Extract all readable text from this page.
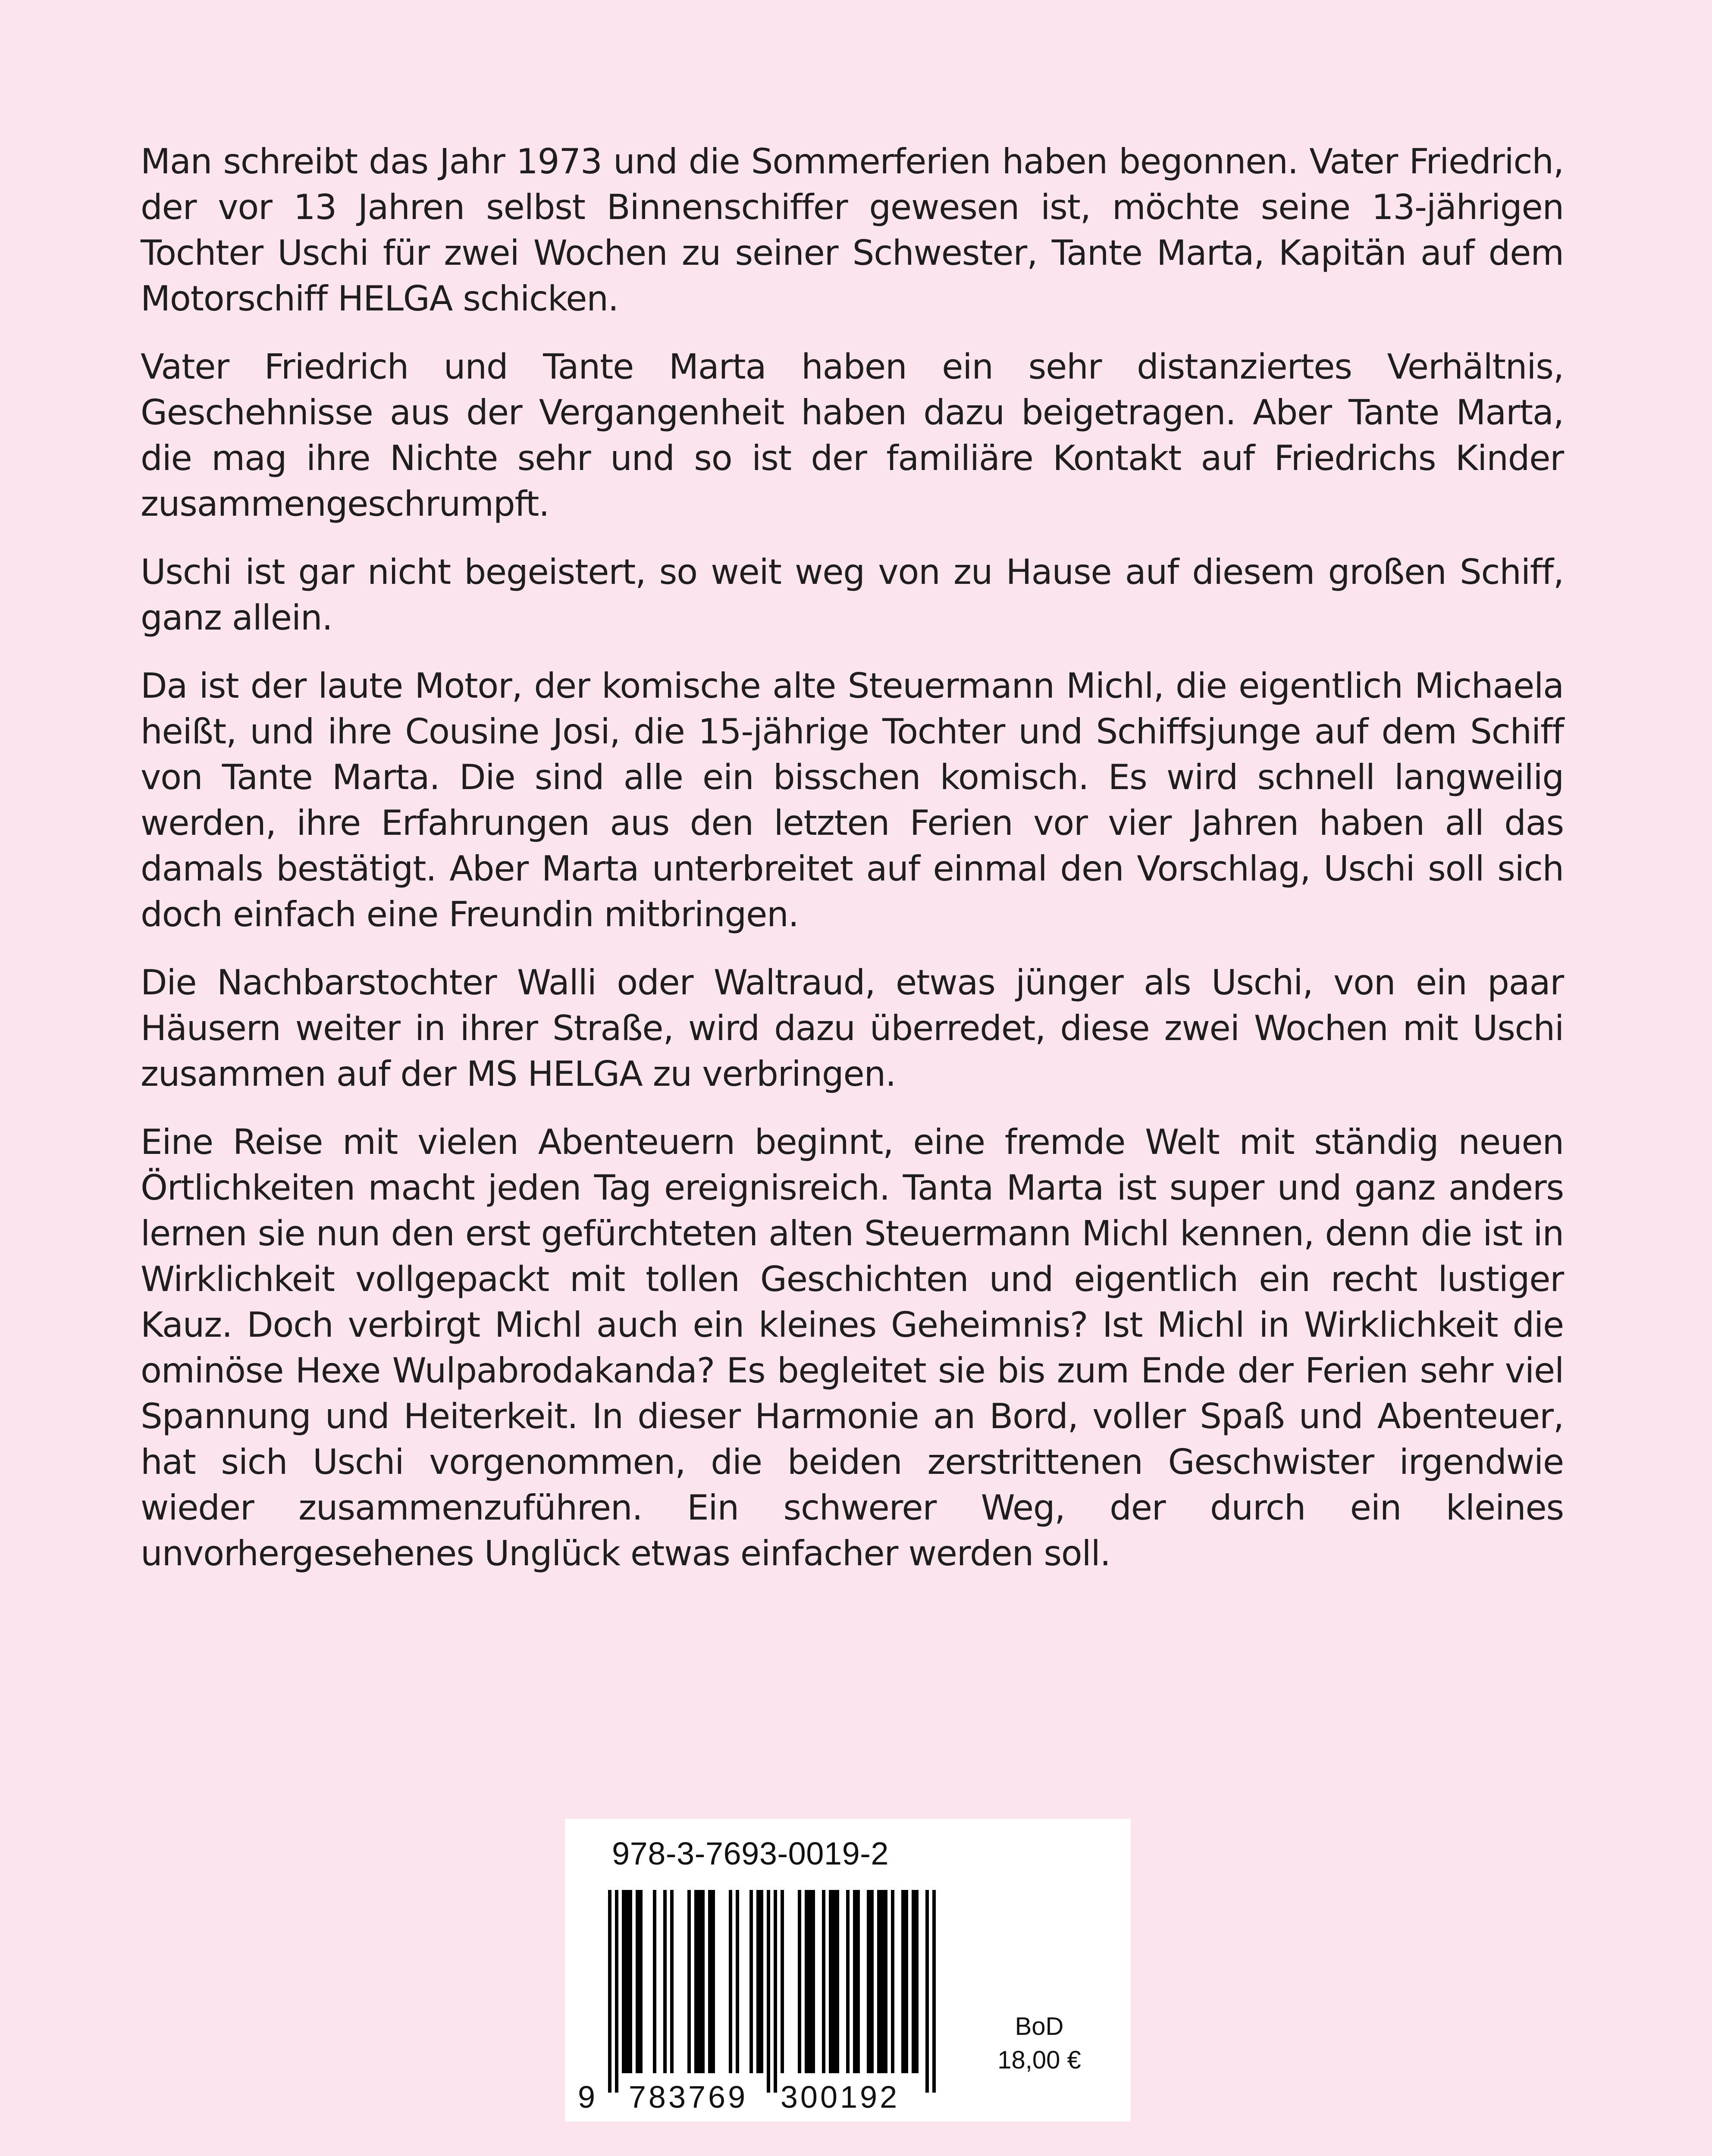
Man schreibt das Jahr 1973 und die Sommerferien haben begonnen. Vater Friedrich, der vor 13 Jahren selbst Binnenschiffer gewesen ist, möchte seine 13-jährigen Tochter Uschi für zwei Wochen zu seiner Schwester, Tante Marta, Kapitän auf dem Motorschiff HELGA schicken.

Vater Friedrich und Tante Marta haben ein sehr distanziertes Verhältnis, Geschehnisse aus der Vergangenheit haben dazu beigetragen. Aber Tante Marta, die mag ihre Nichte sehr und so ist der familiäre Kontakt auf Friedrichs Kinder zusammengeschrumpft.

Uschi ist gar nicht begeistert, so weit weg von zu Hause auf diesem großen Schiff, ganz allein.

Da ist der laute Motor, der komische alte Steuermann Michl, die eigentlich Michaela heißt, und ihre Cousine Josi, die 15-jährige Tochter und Schiffsjunge auf dem Schiff von Tante Marta. Die sind alle ein bisschen komisch. Es wird schnell langweilig werden, ihre Erfahrungen aus den letzten Ferien vor vier Jahren haben all das damals bestätigt. Aber Marta unterbreitet auf einmal den Vorschlag, Uschi soll sich doch einfach eine Freundin mitbringen.

Die Nachbarstochter Walli oder Waltraud, etwas jünger als Uschi, von ein paar Häusern weiter in ihrer Straße, wird dazu überredet, diese zwei Wochen mit Uschi zusammen auf der MS HELGA zu verbringen.

Eine Reise mit vielen Abenteuern beginnt, eine fremde Welt mit ständig neuen Örtlichkeiten macht jeden Tag ereignisreich. Tanta Marta ist super und ganz anders lernen sie nun den erst gefürchteten alten Steuermann Michl kennen, denn die ist in Wirklichkeit vollgepackt mit tollen Geschichten und eigentlich ein recht lustiger Kauz. Doch verbirgt Michl auch ein kleines Geheimnis? Ist Michl in Wirklichkeit die ominöse Hexe Wulpabrodakanda? Es begleitet sie bis zum Ende der Ferien sehr viel Spannung und Heiterkeit. In dieser Harmonie an Bord, voller Spaß und Abenteuer, hat sich Uschi vorgenommen, die beiden zerstrittenen Geschwister irgendwie wieder zusammenzuführen. Ein schwerer Weg, der durch ein kleines unvorhergesehenes Unglück etwas einfacher werden soll.

978-3-7693-0019-2
9 783769 300192
BoD
18,00 €
